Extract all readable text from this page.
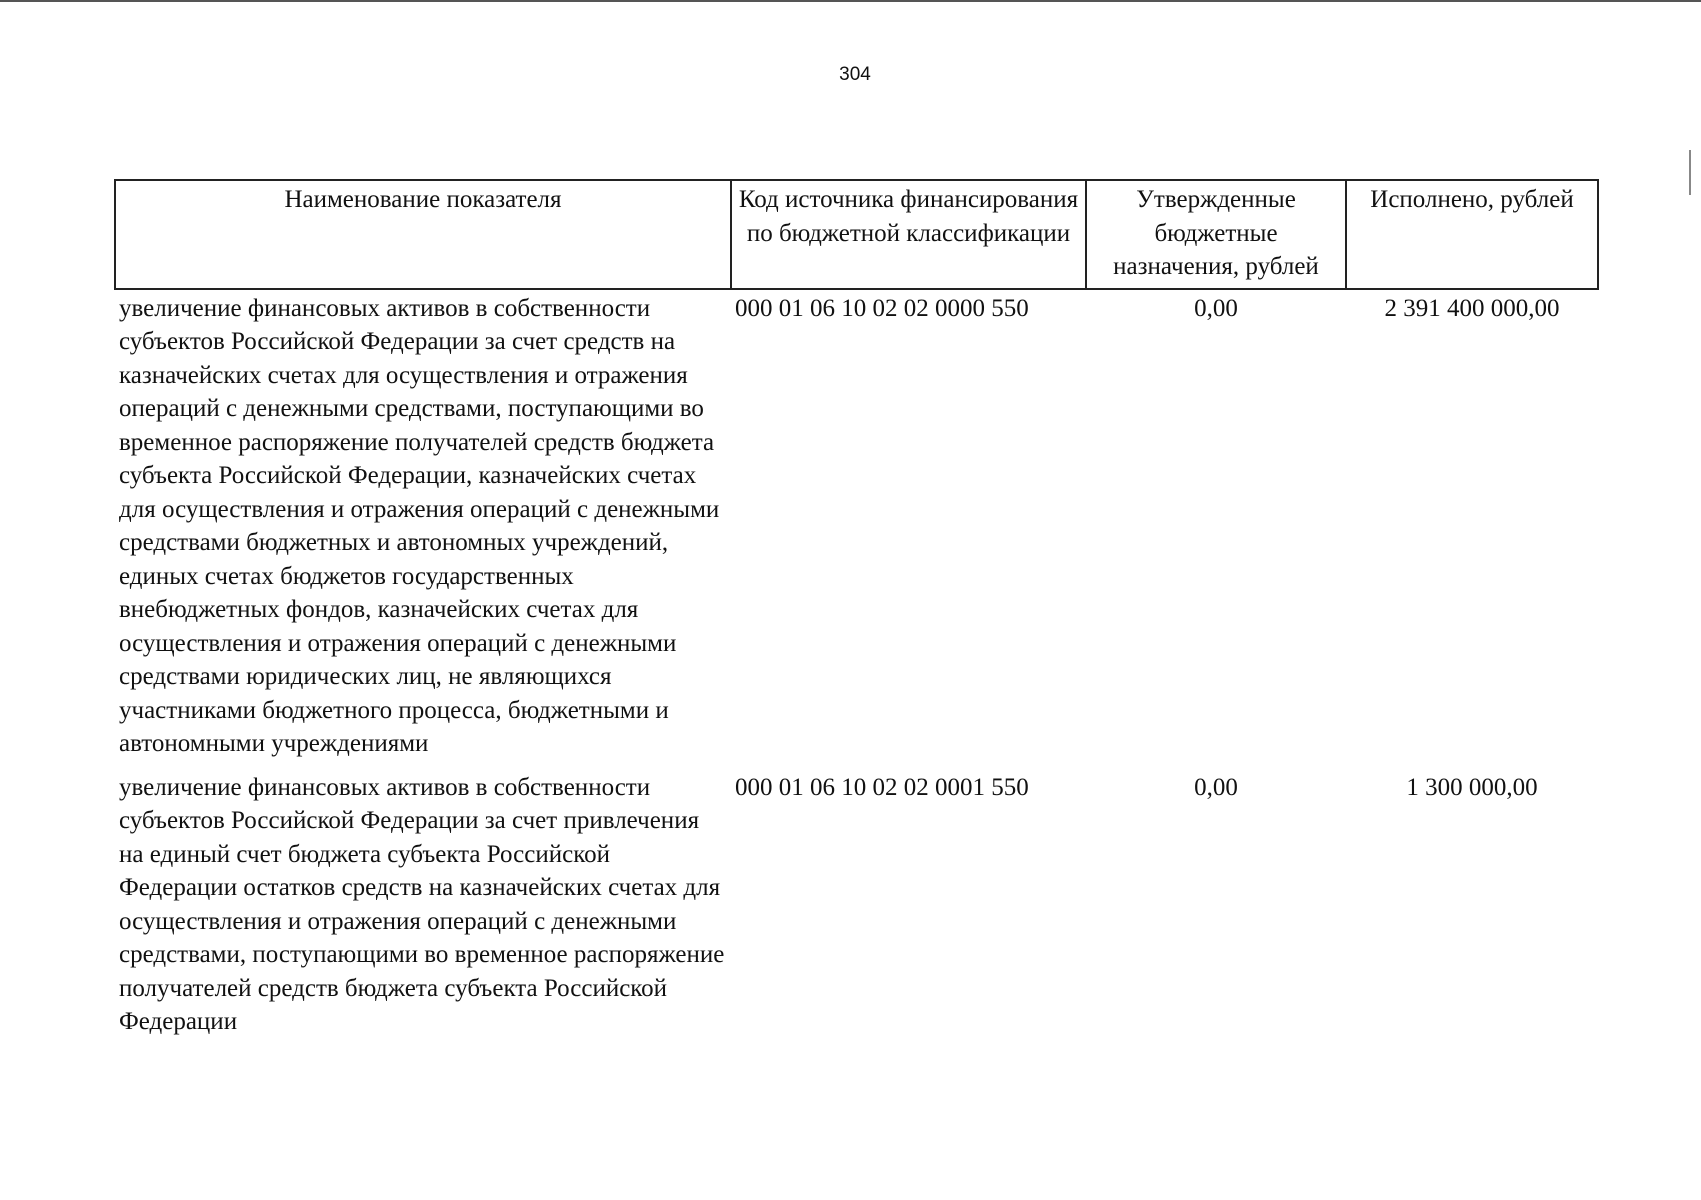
304
Наименование показателя	Код источника финансирования по бюджетной классификации	Утвержденные бюджетные назначения, рублей	Исполнено, рублей
увеличение финансовых активов в собственности субъектов Российской Федерации за счет средств на казначейских счетах для осуществления и отражения операций с денежными средствами, поступающими во временное распоряжение получателей средств бюджета субъекта Российской Федерации, казначейских счетах для осуществления и отражения операций с денежными средствами бюджетных и автономных учреждений, единых счетах бюджетов государственных внебюджетных фондов, казначейских счетах для осуществления и отражения операций с денежными средствами юридических лиц, не являющихся участниками бюджетного процесса, бюджетными и автономными учреждениями	000 01 06 10 02 02 0000 550	0,00	2 391 400 000,00
увеличение финансовых активов в собственности субъектов Российской Федерации за счет привлечения на единый счет бюджета субъекта Российской Федерации остатков средств на казначейских счетах для осуществления и отражения операций с денежными средствами, поступающими во временное распоряжение получателей средств бюджета субъекта Российской Федерации	000 01 06 10 02 02 0001 550	0,00	1 300 000,00
